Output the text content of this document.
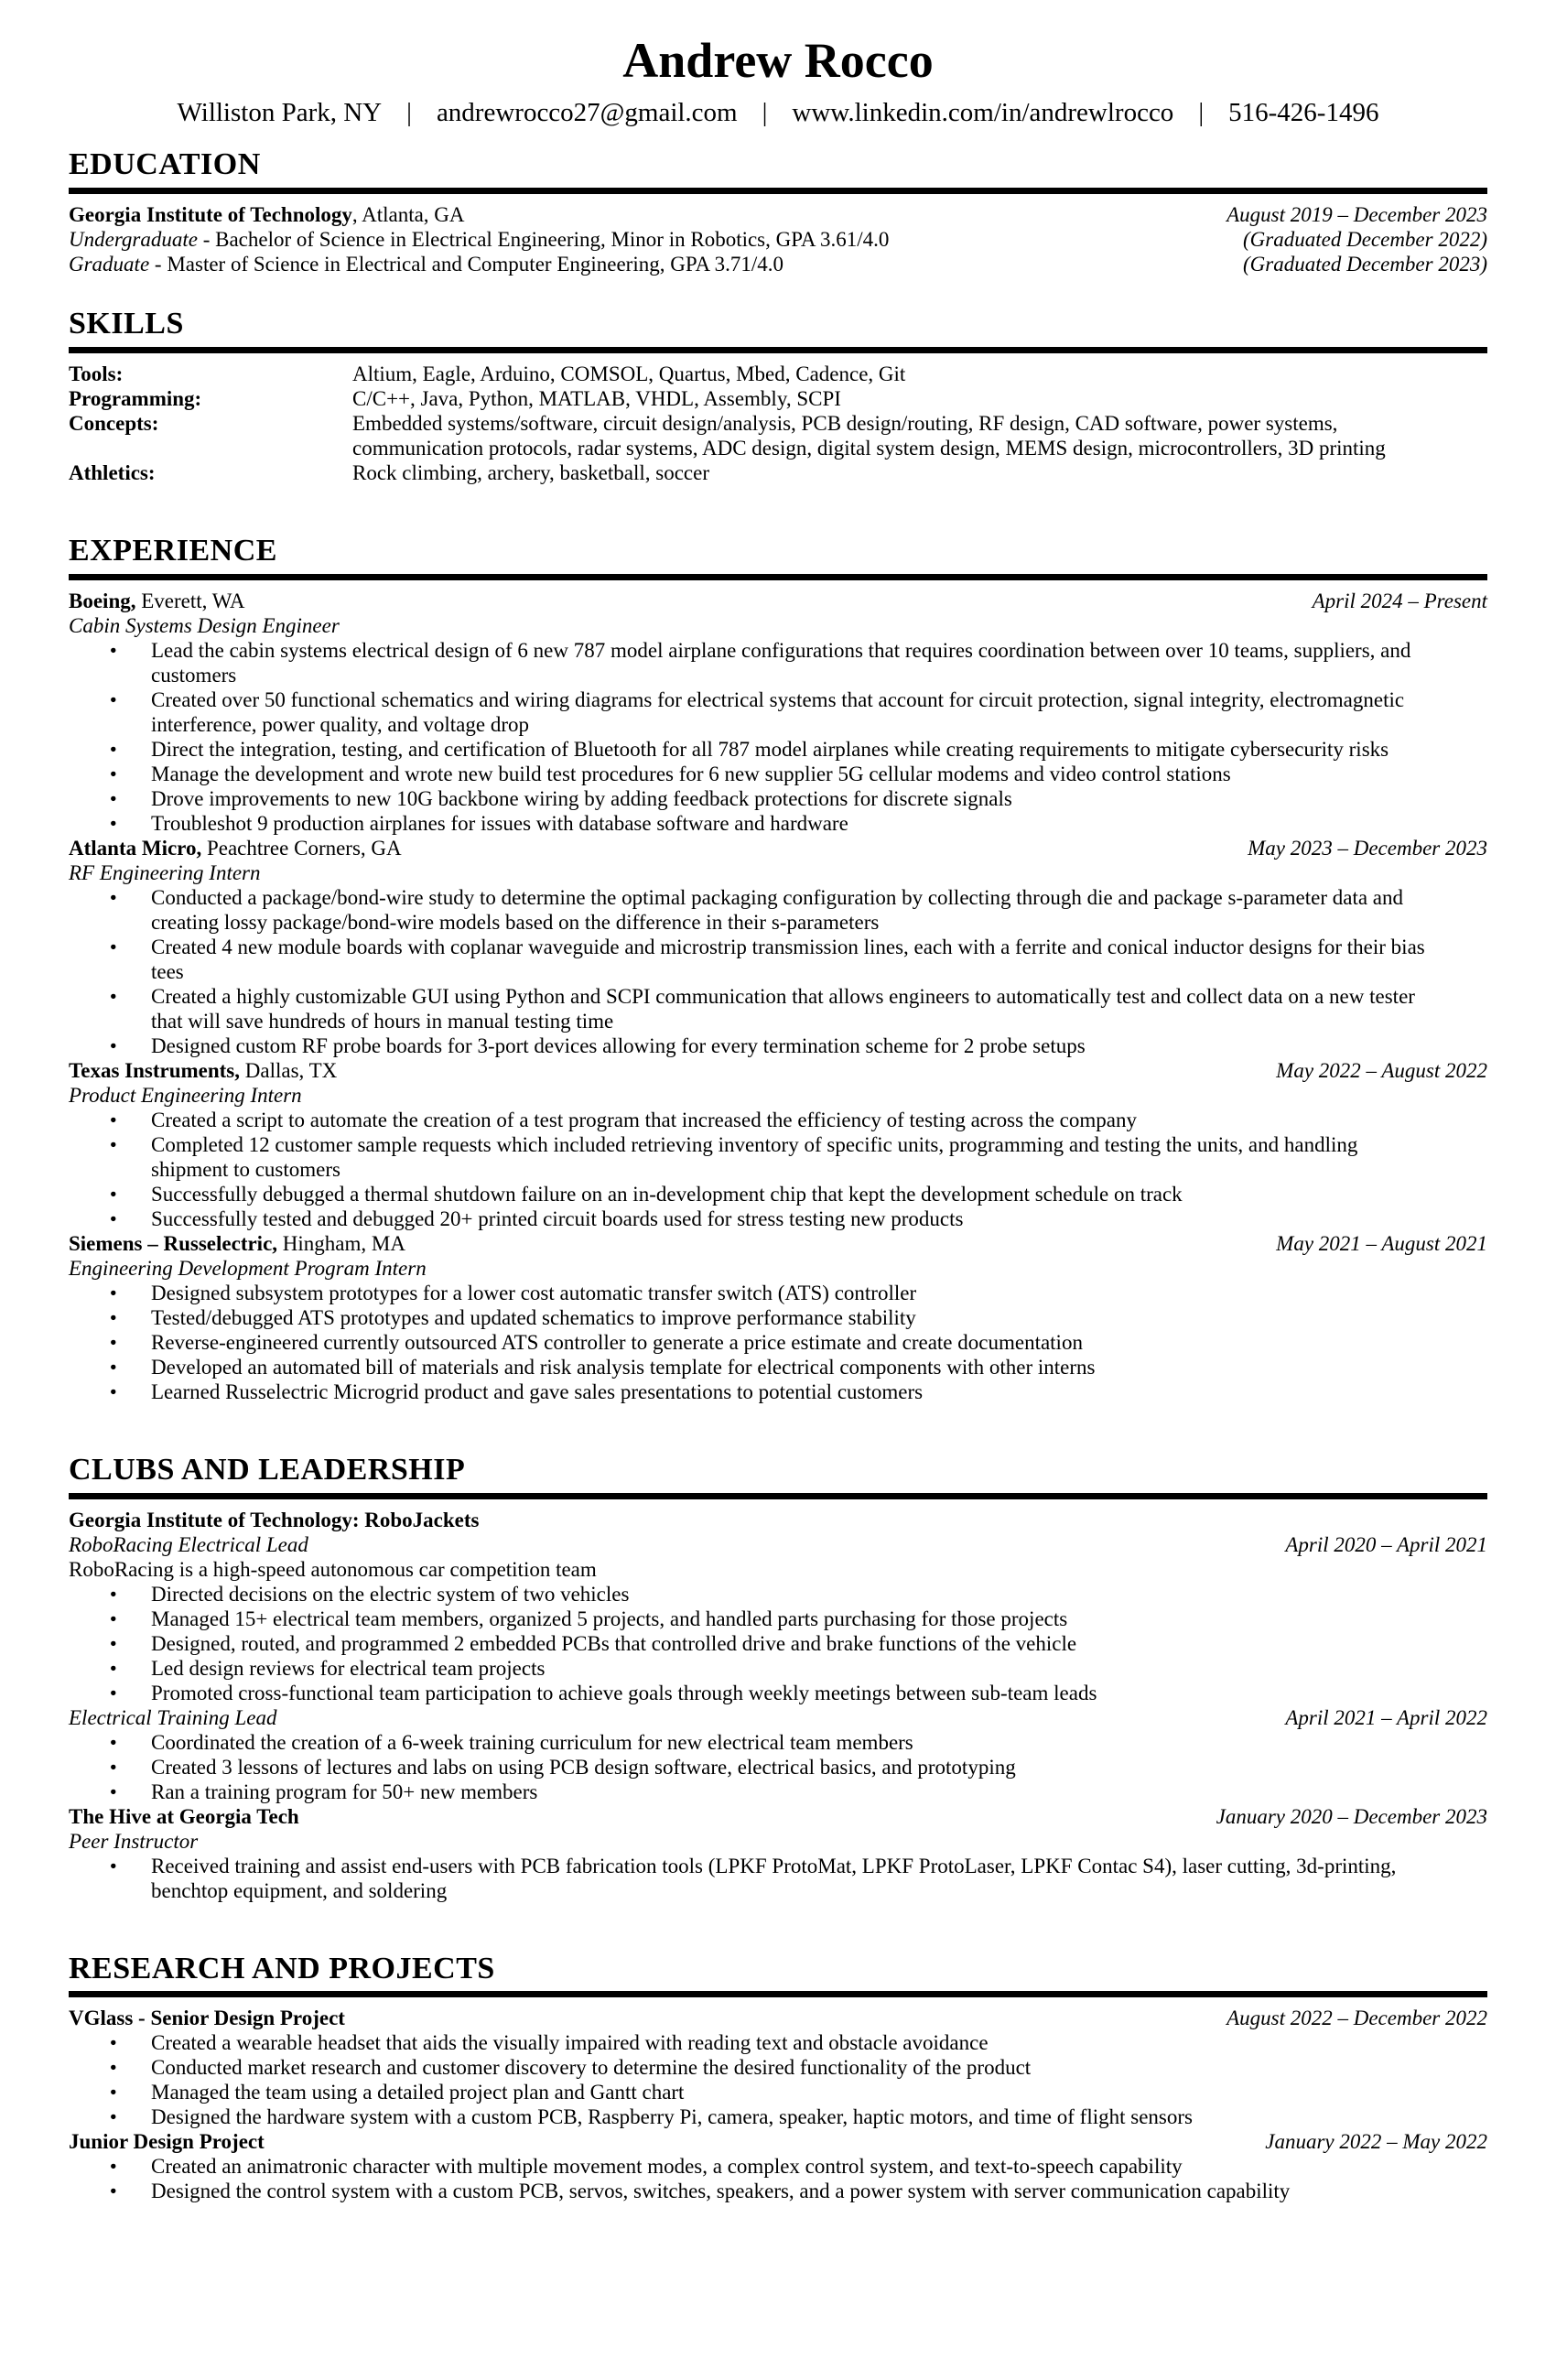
Andrew Rocco
Williston Park, NY | andrewrocco27@gmail.com | www.linkedin.com/in/andrewlrocco | 516-426-1496
EDUCATION
Georgia Institute of Technology, Atlanta, GA	August 2019 – December 2023
Undergraduate - Bachelor of Science in Electrical Engineering, Minor in Robotics, GPA 3.61/4.0	(Graduated December 2022)
Graduate - Master of Science in Electrical and Computer Engineering, GPA 3.71/4.0	(Graduated December 2023)
SKILLS
Tools:	Altium, Eagle, Arduino, COMSOL, Quartus, Mbed, Cadence, Git
Programming:	C/C++, Java, Python, MATLAB, VHDL, Assembly, SCPI
Concepts:	Embedded systems/software, circuit design/analysis, PCB design/routing, RF design, CAD software, power systems, communication protocols, radar systems, ADC design, digital system design, MEMS design, microcontrollers, 3D printing
Athletics:	Rock climbing, archery, basketball, soccer
EXPERIENCE
Boeing, Everett, WA	April 2024 – Present
Cabin Systems Design Engineer
● Lead the cabin systems electrical design of 6 new 787 model airplane configurations that requires coordination between over 10 teams, suppliers, and customers
● Created over 50 functional schematics and wiring diagrams for electrical systems that account for circuit protection, signal integrity, electromagnetic interference, power quality, and voltage drop
● Direct the integration, testing, and certification of Bluetooth for all 787 model airplanes while creating requirements to mitigate cybersecurity risks
● Manage the development and wrote new build test procedures for 6 new supplier 5G cellular modems and video control stations
● Drove improvements to new 10G backbone wiring by adding feedback protections for discrete signals
● Troubleshot 9 production airplanes for issues with database software and hardware
Atlanta Micro, Peachtree Corners, GA	May 2023 – December 2023
RF Engineering Intern
● Conducted a package/bond-wire study to determine the optimal packaging configuration by collecting through die and package s-parameter data and creating lossy package/bond-wire models based on the difference in their s-parameters
● Created 4 new module boards with coplanar waveguide and microstrip transmission lines, each with a ferrite and conical inductor designs for their bias tees
● Created a highly customizable GUI using Python and SCPI communication that allows engineers to automatically test and collect data on a new tester that will save hundreds of hours in manual testing time
● Designed custom RF probe boards for 3-port devices allowing for every termination scheme for 2 probe setups
Texas Instruments, Dallas, TX	May 2022 – August 2022
Product Engineering Intern
● Created a script to automate the creation of a test program that increased the efficiency of testing across the company
● Completed 12 customer sample requests which included retrieving inventory of specific units, programming and testing the units, and handling shipment to customers
● Successfully debugged a thermal shutdown failure on an in-development chip that kept the development schedule on track
● Successfully tested and debugged 20+ printed circuit boards used for stress testing new products
Siemens – Russelectric, Hingham, MA	May 2021 – August 2021
Engineering Development Program Intern
● Designed subsystem prototypes for a lower cost automatic transfer switch (ATS) controller
● Tested/debugged ATS prototypes and updated schematics to improve performance stability
● Reverse-engineered currently outsourced ATS controller to generate a price estimate and create documentation
● Developed an automated bill of materials and risk analysis template for electrical components with other interns
● Learned Russelectric Microgrid product and gave sales presentations to potential customers
CLUBS AND LEADERSHIP
Georgia Institute of Technology: RoboJackets
RoboRacing Electrical Lead	April 2020 – April 2021
RoboRacing is a high-speed autonomous car competition team
● Directed decisions on the electric system of two vehicles
● Managed 15+ electrical team members, organized 5 projects, and handled parts purchasing for those projects
● Designed, routed, and programmed 2 embedded PCBs that controlled drive and brake functions of the vehicle
● Led design reviews for electrical team projects
● Promoted cross-functional team participation to achieve goals through weekly meetings between sub-team leads
Electrical Training Lead	April 2021 – April 2022
● Coordinated the creation of a 6-week training curriculum for new electrical team members
● Created 3 lessons of lectures and labs on using PCB design software, electrical basics, and prototyping
● Ran a training program for 50+ new members
The Hive at Georgia Tech	January 2020 – December 2023
Peer Instructor
● Received training and assist end-users with PCB fabrication tools (LPKF ProtoMat, LPKF ProtoLaser, LPKF Contac S4), laser cutting, 3d-printing, benchtop equipment, and soldering
RESEARCH AND PROJECTS
VGlass - Senior Design Project	August 2022 – December 2022
● Created a wearable headset that aids the visually impaired with reading text and obstacle avoidance
● Conducted market research and customer discovery to determine the desired functionality of the product
● Managed the team using a detailed project plan and Gantt chart
● Designed the hardware system with a custom PCB, Raspberry Pi, camera, speaker, haptic motors, and time of flight sensors
Junior Design Project	January 2022 – May 2022
● Created an animatronic character with multiple movement modes, a complex control system, and text-to-speech capability
● Designed the control system with a custom PCB, servos, switches, speakers, and a power system with server communication capability
